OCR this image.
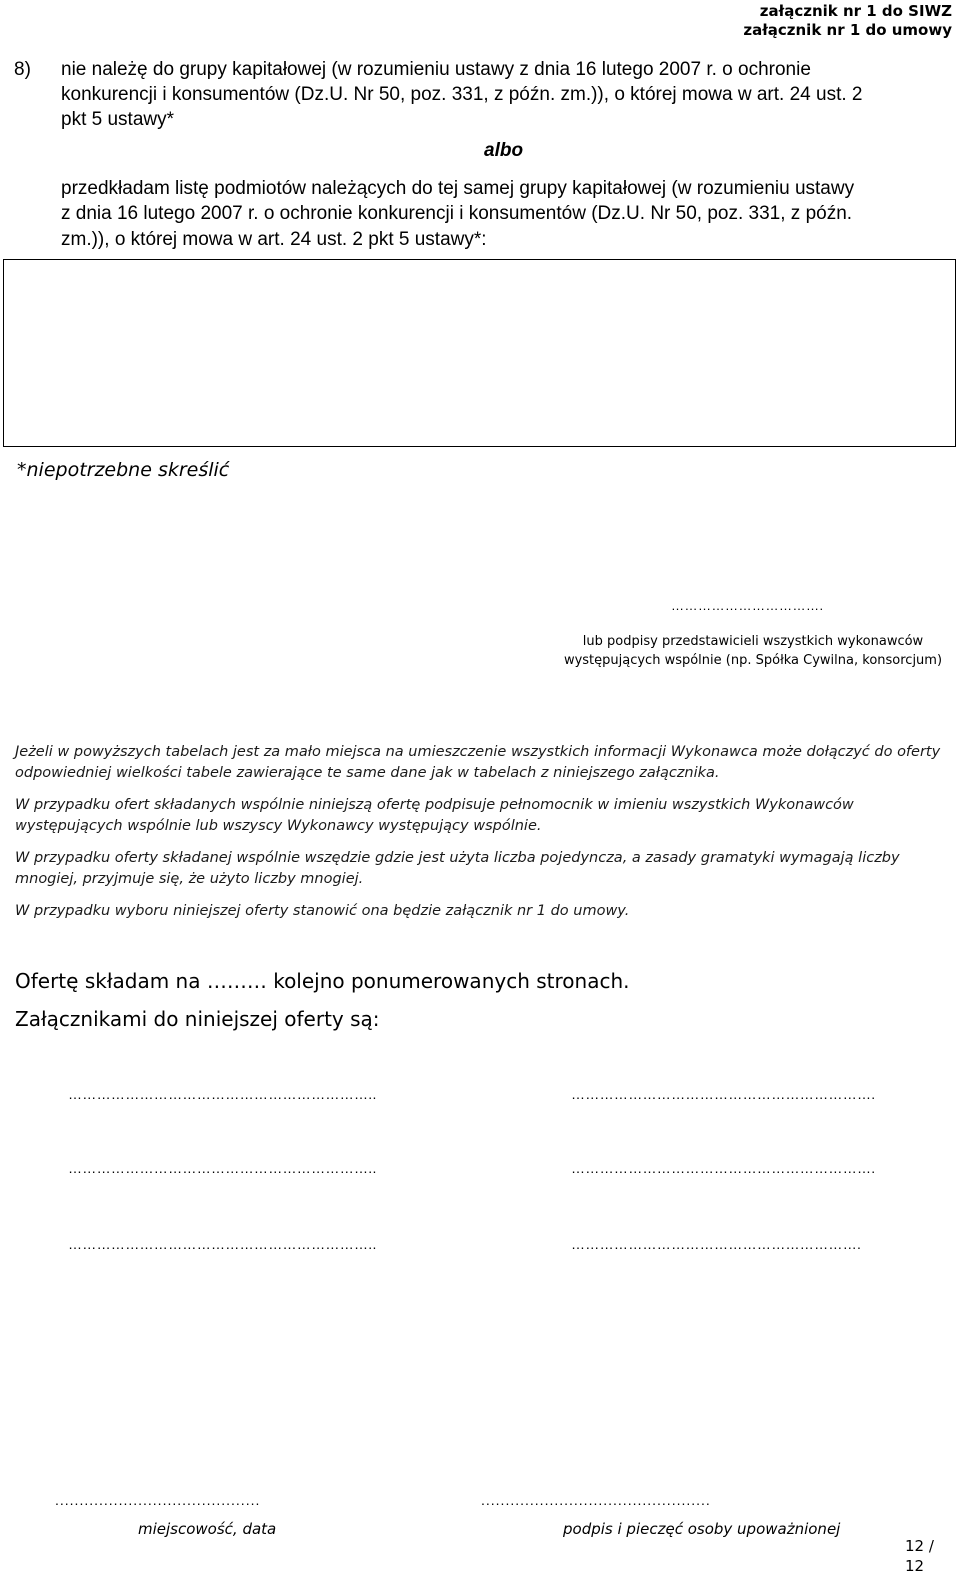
załącznik nr 1 do SIWZ
załącznik nr 1 do umowy
8) nie należę do grupy kapitałowej (w rozumieniu ustawy z dnia 16 lutego 2007 r. o ochronie
konkurencji i konsumentów (Dz.U. Nr 50, poz. 331, z późn. zm.)), o której mowa w art. 24 ust. 2
pkt 5 ustawy*
albo
przedkładam listę podmiotów należących do tej samej grupy kapitałowej (w rozumieniu ustawy
z dnia 16 lutego 2007 r. o ochronie konkurencji i konsumentów (Dz.U. Nr 50, poz. 331, z późn.
zm.)), o której mowa w art. 24 ust. 2 pkt 5 ustawy*:
*niepotrzebne skreślić
…………………………….
lub podpisy przedstawicieli wszystkich wykonawców
występujących wspólnie (np. Spółka Cywilna, konsorcjum)
Jeżeli w powyższych tabelach jest za mało miejsca na umieszczenie wszystkich informacji Wykonawca może dołączyć do oferty
odpowiedniej wielkości tabele zawierające te same dane jak w tabelach z niniejszego załącznika.
W przypadku ofert składanych wspólnie niniejszą ofertę podpisuje pełnomocnik w imieniu wszystkich Wykonawców
występujących wspólnie lub wszyscy Wykonawcy występujący wspólnie.
W przypadku oferty składanej wspólnie wszędzie gdzie jest użyta liczba pojedyncza, a zasady gramatyki wymagają liczby
mnogiej, przyjmuje się, że użyto liczby mnogiej.
W przypadku wyboru niniejszej oferty stanowić ona będzie załącznik nr 1 do umowy.
Ofertę składam na ……… kolejno ponumerowanych stronach.
Załącznikami do niniejszej oferty są:
………………………………………………………..
………………………………………………………..
………………………………………………………..
……………………………………………………….
……………………………………………………….
…………………………………………………….
..........................................
miejscowość, data
...............................................
podpis i pieczęć osoby upoważnionej
12 /
12
